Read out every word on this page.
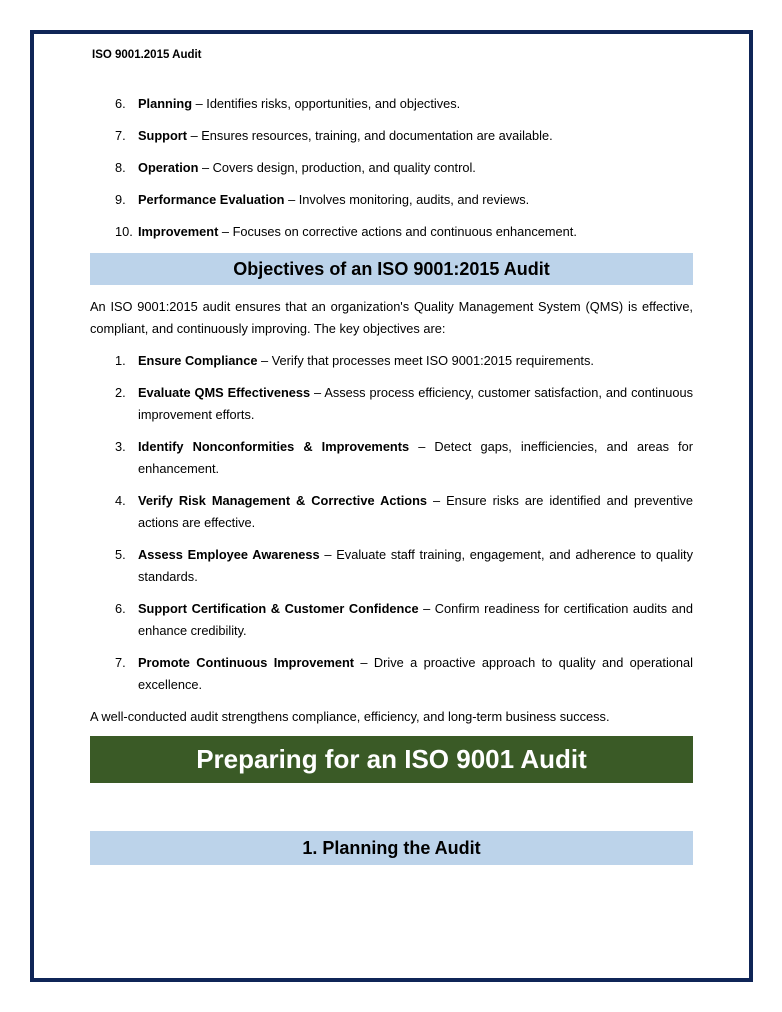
ISO 9001.2015 Audit
6. Planning – Identifies risks, opportunities, and objectives.
7. Support – Ensures resources, training, and documentation are available.
8. Operation – Covers design, production, and quality control.
9. Performance Evaluation – Involves monitoring, audits, and reviews.
10. Improvement – Focuses on corrective actions and continuous enhancement.
Objectives of an ISO 9001:2015 Audit
An ISO 9001:2015 audit ensures that an organization's Quality Management System (QMS) is effective, compliant, and continuously improving. The key objectives are:
1. Ensure Compliance – Verify that processes meet ISO 9001:2015 requirements.
2. Evaluate QMS Effectiveness – Assess process efficiency, customer satisfaction, and continuous improvement efforts.
3. Identify Nonconformities & Improvements – Detect gaps, inefficiencies, and areas for enhancement.
4. Verify Risk Management & Corrective Actions – Ensure risks are identified and preventive actions are effective.
5. Assess Employee Awareness – Evaluate staff training, engagement, and adherence to quality standards.
6. Support Certification & Customer Confidence – Confirm readiness for certification audits and enhance credibility.
7. Promote Continuous Improvement – Drive a proactive approach to quality and operational excellence.
A well-conducted audit strengthens compliance, efficiency, and long-term business success.
Preparing for an ISO 9001 Audit
1. Planning the Audit
